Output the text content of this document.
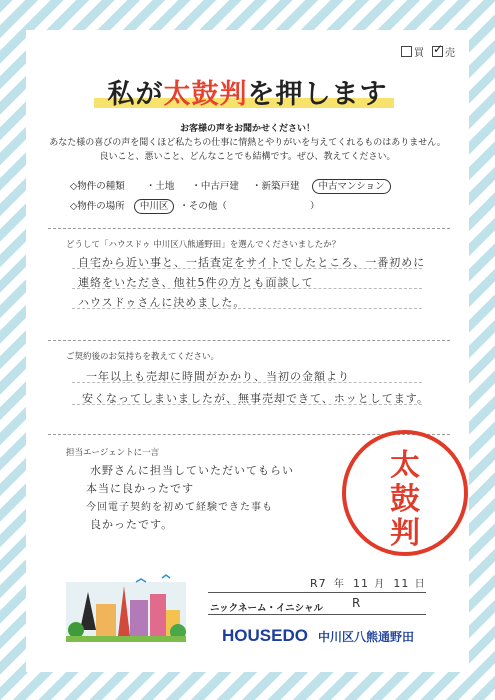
買
✓	売
私が太鼓判を押します
お客様の声をお聞かせください！
あなた様の喜びの声を聞くほど私たちの仕事に情熱とやりがいを与えてくれるものはありません。
良いこと、悪いこと、どんなことでも結構です。ぜひ、教えてください。
◇物件の種類 ・土地 ・中古戸建 ・新築戸建 中古マンション
◇物件の場所 中川区 ・その他（	）
どうして「ハウスドゥ 中川区八熊通野田」を選んでくださいましたか？
自宅から近い事と、一括査定をサイトでしたところ、一番初めに
連絡をいただき、他社5件の方とも面談して
ハウスドゥさんに決めました。
ご契約後のお気持ちを教えてください。
一年以上も売却に時間がかかり、当初の金額より
安くなってしまいましたが、無事売却できて、ホッとしてます。
担当エージェントに一言
水野さんに担当していただいてもらい
本当に良かったです
今回電子契約を初めて経験できた事も
良かったです。
太
鼓
判
R7 年 11 月 11 日
ニックネーム・イニシャル R
HOUSEDO 中川区八熊通野田
